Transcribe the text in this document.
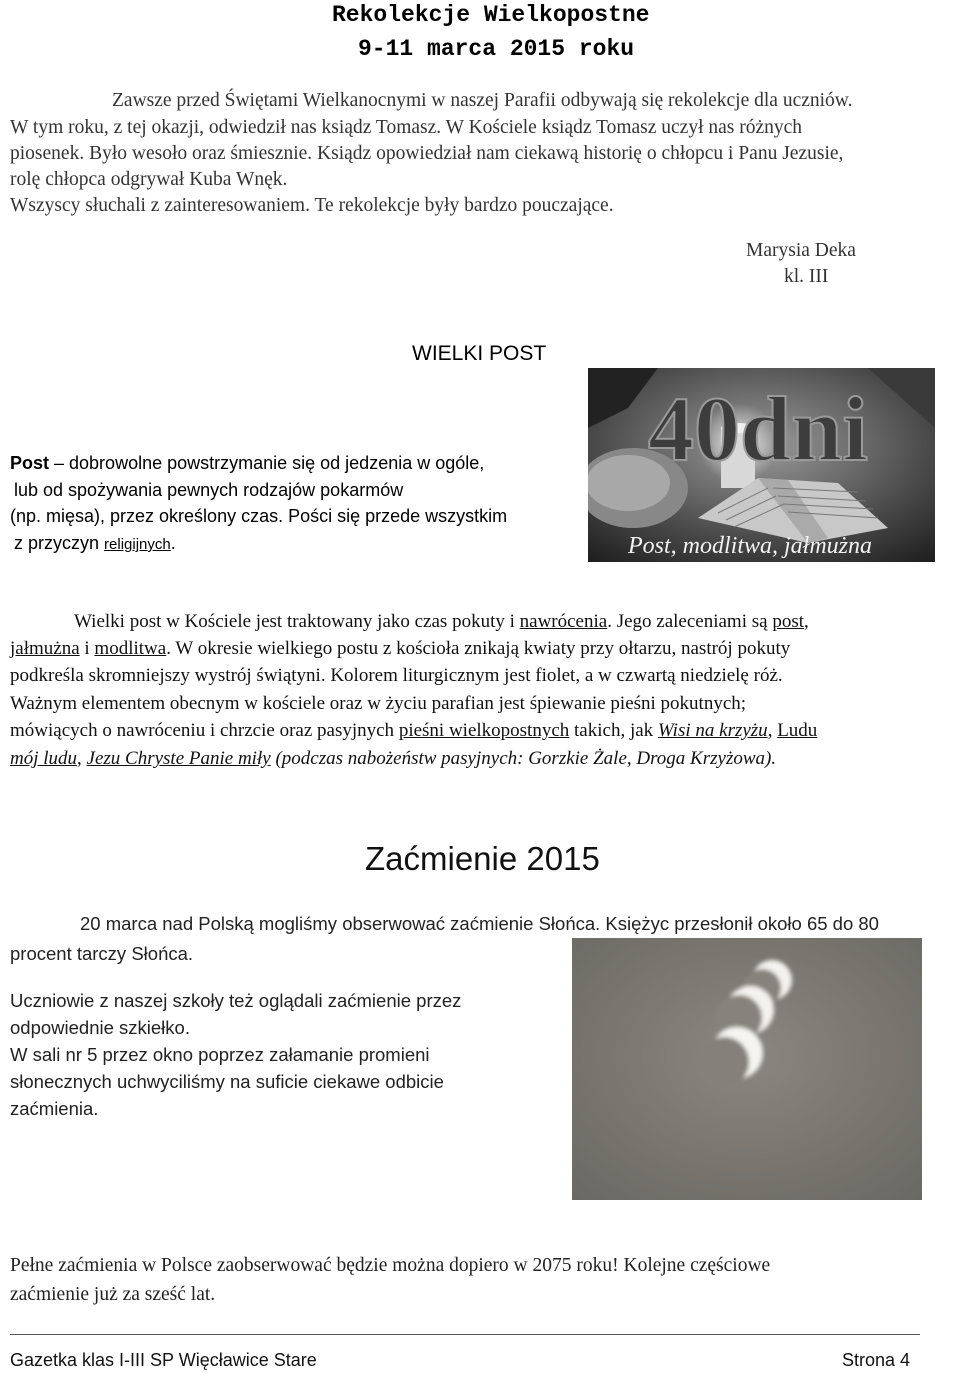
Rekolekcje Wielkopostne
9-11 marca 2015 roku
Zawsze przed Świętami Wielkanocnymi w naszej Parafii odbywają się rekolekcje dla uczniów.
W tym roku, z tej okazji, odwiedził nas ksiądz Tomasz. W Kościele ksiądz Tomasz uczył nas różnych
piosenek. Było wesoło oraz śmiesznie. Ksiądz opowiedział nam ciekawą historię o chłopcu i Panu Jezusie,
rolę chłopca odgrywał Kuba Wnęk.
Wszyscy słuchali z zainteresowaniem. Te rekolekcje były bardzo pouczające.
Marysia Deka
kl. III
WIELKI POST
Post – dobrowolne powstrzymanie się od jedzenia w ogóle,
lub od spożywania pewnych rodzajów pokarmów
(np. mięsa), przez określony czas. Pości się przede wszystkim
z przyczyn religijnych.
40dni
Post, modlitwa, jałmużna
Wielki post w Kościele jest traktowany jako czas pokuty i nawrócenia. Jego zaleceniami są post,
jałmużna i modlitwa. W okresie wielkiego postu z kościoła znikają kwiaty przy ołtarzu, nastrój pokuty
podkreśla skromniejszy wystrój świątyni. Kolorem liturgicznym jest fiolet, a w czwartą niedzielę róż.
Ważnym elementem obecnym w kościele oraz w życiu parafian jest śpiewanie pieśni pokutnych;
mówiących o nawróceniu i chrzcie oraz pasyjnych pieśni wielkopostnych takich, jak Wisi na krzyżu, Ludu
mój ludu, Jezu Chryste Panie miły (podczas nabożeństw pasyjnych: Gorzkie Żale, Droga Krzyżowa).
Zaćmienie 2015
20 marca nad Polską mogliśmy obserwować zaćmienie Słońca. Księżyc przesłonił około 65 do 80
procent tarczy Słońca.
Uczniowie z naszej szkoły też oglądali zaćmienie przez
odpowiednie szkiełko.
W sali nr 5 przez okno poprzez załamanie promieni
słonecznych uchwyciliśmy na suficie ciekawe odbicie
zaćmienia.
Pełne zaćmienia w Polsce zaobserwować będzie można dopiero w 2075 roku! Kolejne częściowe
zaćmienie już za sześć lat.
Gazetka klas I-III SP Więcławice Stare	Strona 4
